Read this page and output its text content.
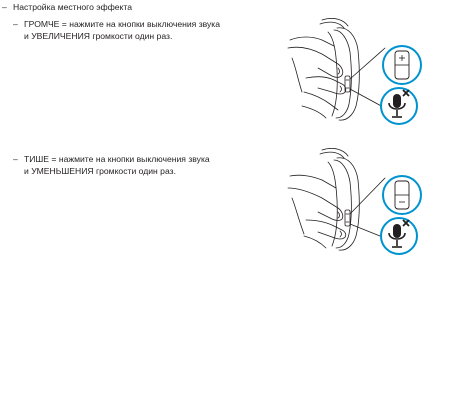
– Настройка местного эффекта
– ГРОМЧЕ = нажмите на кнопки выключения звука
и УВЕЛИЧЕНИЯ громкости один раз.
– ТИШЕ = нажмите на кнопки выключения звука
и УМЕНЬШЕНИЯ громкости один раз.
